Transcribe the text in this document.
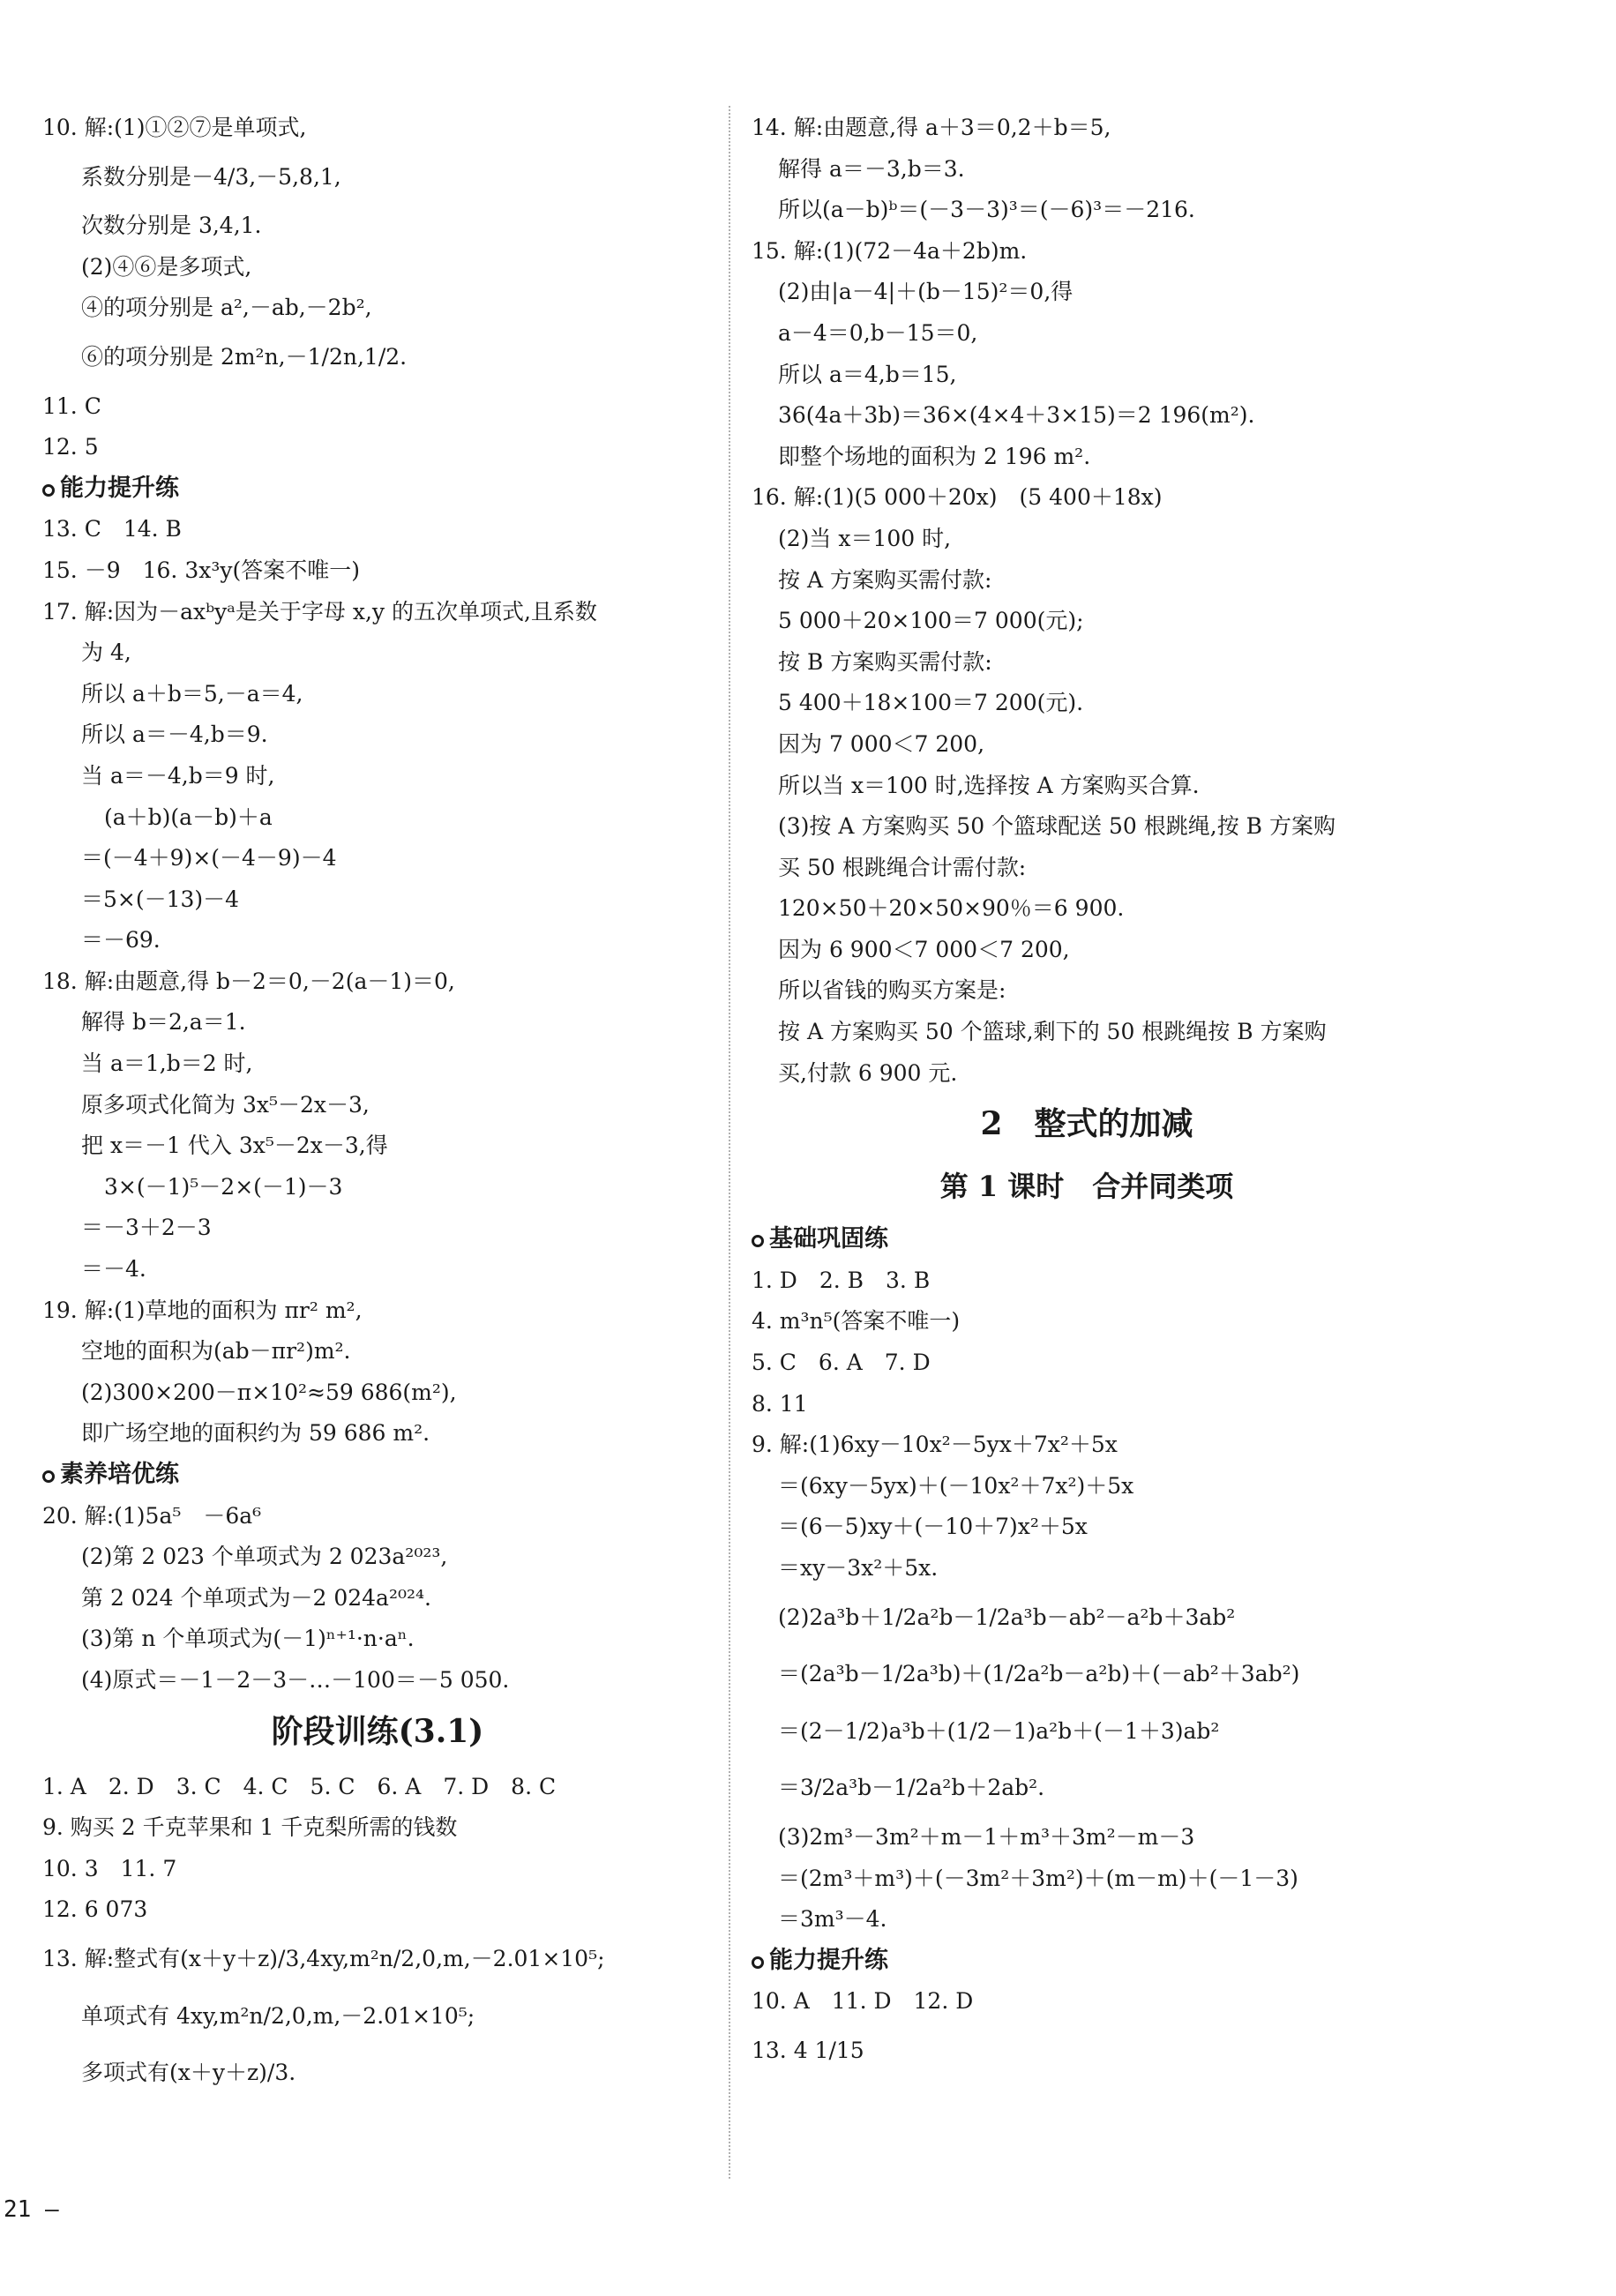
10. 解:(1)①②⑦是单项式,
系数分别是－4/3,－5,8,1,
次数分别是 3,4,1.
(2)④⑥是多项式,
④的项分别是 a²,－ab,－2b²,
⑥的项分别是 2m²n,－1/2n,1/2.
11. C
12. 5
能力提升练
13. C　14. B
15. －9　16. 3x³y(答案不唯一)
17. 解:因为－axᵇyᵃ是关于字母 x,y 的五次单项式,且系数
为 4,
所以 a＋b＝5,－a＝4,
所以 a＝－4,b＝9.
当 a＝－4,b＝9 时,
(a＋b)(a－b)＋a
＝(－4＋9)×(－4－9)－4
＝5×(－13)－4
＝－69.
18. 解:由题意,得 b－2＝0,－2(a－1)＝0,
解得 b＝2,a＝1.
当 a＝1,b＝2 时,
原多项式化简为 3x⁵－2x－3,
把 x＝－1 代入 3x⁵－2x－3,得
3×(－1)⁵－2×(－1)－3
＝－3＋2－3
＝－4.
19. 解:(1)草地的面积为 πr² m²,
空地的面积为(ab－πr²)m².
(2)300×200－π×10²≈59 686(m²),
即广场空地的面积约为 59 686 m².
素养培优练
20. 解:(1)5a⁵　－6a⁶
(2)第 2 023 个单项式为 2 023a²⁰²³,
第 2 024 个单项式为－2 024a²⁰²⁴.
(3)第 n 个单项式为(－1)ⁿ⁺¹·n·aⁿ.
(4)原式＝－1－2－3－…－100＝－5 050.
阶段训练(3.1)
1. A　2. D　3. C　4. C　5. C　6. A　7. D　8. C
9. 购买 2 千克苹果和 1 千克梨所需的钱数
10. 3　11. 7
12. 6 073
13. 解:整式有(x＋y＋z)/3,4xy,m²n/2,0,m,－2.01×10⁵;
单项式有 4xy,m²n/2,0,m,－2.01×10⁵;
多项式有(x＋y＋z)/3.
14. 解:由题意,得 a＋3＝0,2＋b＝5,
解得 a＝－3,b＝3.
所以(a－b)ᵇ＝(－3－3)³＝(－6)³＝－216.
15. 解:(1)(72－4a＋2b)m.
(2)由|a－4|＋(b－15)²＝0,得
a－4＝0,b－15＝0,
所以 a＝4,b＝15,
36(4a＋3b)＝36×(4×4＋3×15)＝2 196(m²).
即整个场地的面积为 2 196 m².
16. 解:(1)(5 000＋20x)　(5 400＋18x)
(2)当 x＝100 时,
按 A 方案购买需付款:
5 000＋20×100＝7 000(元);
按 B 方案购买需付款:
5 400＋18×100＝7 200(元).
因为 7 000＜7 200,
所以当 x＝100 时,选择按 A 方案购买合算.
(3)按 A 方案购买 50 个篮球配送 50 根跳绳,按 B 方案购
买 50 根跳绳合计需付款:
120×50＋20×50×90％＝6 900.
因为 6 900＜7 000＜7 200,
所以省钱的购买方案是:
按 A 方案购买 50 个篮球,剩下的 50 根跳绳按 B 方案购
买,付款 6 900 元.
2　整式的加减
第 1 课时　合并同类项
基础巩固练
1. D　2. B　3. B
4. m³n⁵(答案不唯一)
5. C　6. A　7. D
8. 11
9. 解:(1)6xy－10x²－5yx＋7x²＋5x
＝(6xy－5yx)＋(－10x²＋7x²)＋5x
＝(6－5)xy＋(－10＋7)x²＋5x
＝xy－3x²＋5x.
(2)2a³b＋1/2a²b－1/2a³b－ab²－a²b＋3ab²
＝(2a³b－1/2a³b)＋(1/2a²b－a²b)＋(－ab²＋3ab²)
＝(2－1/2)a³b＋(1/2－1)a²b＋(－1＋3)ab²
＝3/2a³b－1/2a²b＋2ab².
(3)2m³－3m²＋m－1＋m³＋3m²－m－3
＝(2m³＋m³)＋(－3m²＋3m²)＋(m－m)＋(－1－3)
＝3m³－4.
能力提升练
10. A　11. D　12. D
13. 4 1/15
21 —
